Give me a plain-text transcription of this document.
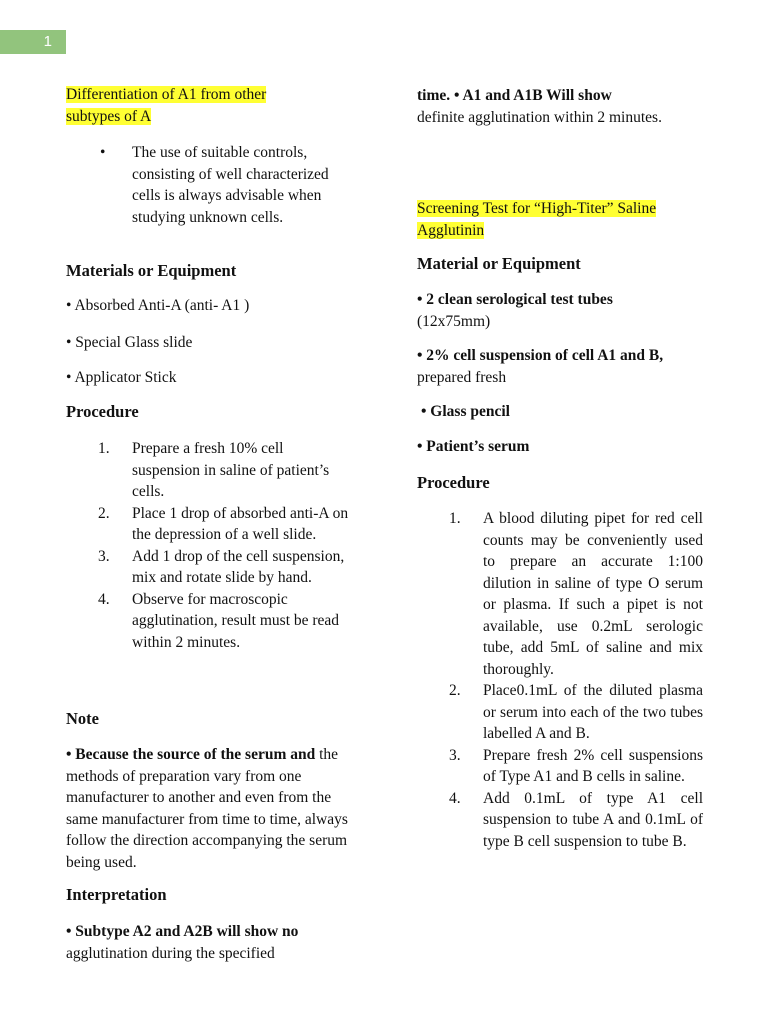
1
Differentiation of A1 from other
subtypes of A
• The use of suitable controls, consisting of well characterized cells is always advisable when studying unknown cells.
Materials or Equipment
• Absorbed Anti-A (anti- A1 )
• Special Glass slide
• Applicator Stick
Procedure
1. Prepare a fresh 10% cell suspension in saline of patient’s cells.
2. Place 1 drop of absorbed anti-A on the depression of a well slide.
3. Add 1 drop of the cell suspension, mix and rotate slide by hand.
4. Observe for macroscopic agglutination, result must be read within 2 minutes.
Note
• Because the source of the serum and the methods of preparation vary from one manufacturer to another and even from the same manufacturer from time to time, always follow the direction accompanying the serum being used.
Interpretation
• Subtype A2 and A2B will show no
agglutination during the specified
time. • A1 and A1B Will show
definite agglutination within 2 minutes.
Screening Test for “High-Titer” Saline
Agglutinin
Material or Equipment
• 2 clean serological test tubes
(12x75mm)
• 2% cell suspension of cell A1 and B,
prepared fresh
• Glass pencil
• Patient’s serum
Procedure
1. A blood diluting pipet for red cell counts may be conveniently used to prepare an accurate 1:100 dilution in saline of type O serum or plasma. If such a pipet is not available, use 0.2mL serologic tube, add 5mL of saline and mix thoroughly.
2. Place0.1mL of the diluted plasma or serum into each of the two tubes labelled A and B.
3. Prepare fresh 2% cell suspensions of Type A1 and B cells in saline.
4. Add 0.1mL of type A1 cell suspension to tube A and 0.1mL of type B cell suspension to tube B.
